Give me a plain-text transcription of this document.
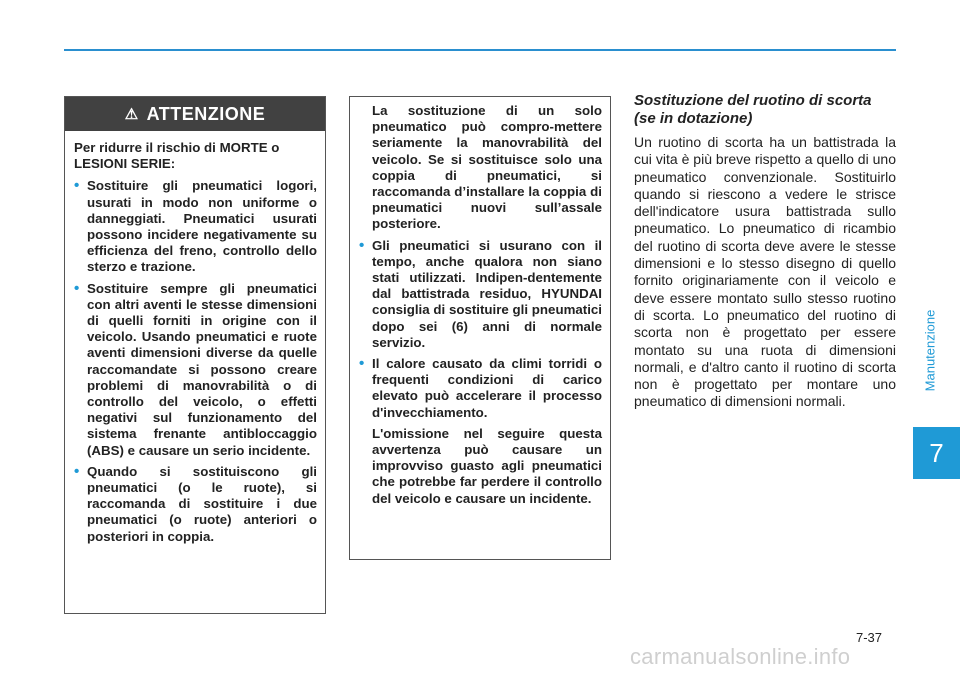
Manutenzione
7
⚠ ATTENZIONE

Per ridurre il rischio di MORTE o LESIONI SERIE:

• Sostituire gli pneumatici logori, usurati in modo non uniforme o danneggiati. Pneumatici usurati possono incidere negativamente su efficienza del freno, controllo dello sterzo e trazione.
• Sostituire sempre gli pneumatici con altri aventi le stesse dimensioni di quelli forniti in origine con il veicolo. Usando pneumatici e ruote aventi dimensioni diverse da quelle raccomandate si possono creare problemi di manovrabilità o di controllo del veicolo, o effetti negativi sul funzionamento del sistema frenante antibloccaggio (ABS) e causare un serio incidente.
• Quando si sostituiscono gli pneumatici (o le ruote), si raccomanda di sostituire i due pneumatici (o ruote) anteriori o posteriori in coppia.

La sostituzione di un solo pneumatico può compro-mettere seriamente la manovrabilità del veicolo. Se si sostituisce solo una coppia di pneumatici, si raccomanda d’installare la coppia di pneumatici nuovi sull’assale posteriore.

• Gli pneumatici si usurano con il tempo, anche qualora non siano stati utilizzati. Indipen-dentemente dal battistrada residuo, HYUNDAI consiglia di sostituire gli pneumatici dopo sei (6) anni di normale servizio.
• Il calore causato da climi torridi o frequenti condizioni di carico elevato può accelerare il processo d'invecchiamento.

L'omissione nel seguire questa avvertenza può causare un improvviso guasto agli pneumatici che potrebbe far perdere il controllo del veicolo e causare un incidente.

Sostituzione del ruotino di scorta (se in dotazione)

Un ruotino di scorta ha un battistrada la cui vita è più breve rispetto a quello di uno pneumatico convenzionale. Sostituirlo quando si riescono a vedere le strisce dell'indicatore usura battistrada sullo pneumatico. Lo pneumatico di ricambio del ruotino di scorta deve avere le stesse dimensioni e lo stesso disegno di quello fornito originariamente con il veicolo e deve essere montato sullo stesso ruotino di scorta. Lo pneumatico del ruotino di scorta non è progettato per essere montato su una ruota di dimensioni normali, e d'altro canto il ruotino di scorta non è progettato per montare uno pneumatico di dimensioni normali.

7-37
carmanualsonline.info
